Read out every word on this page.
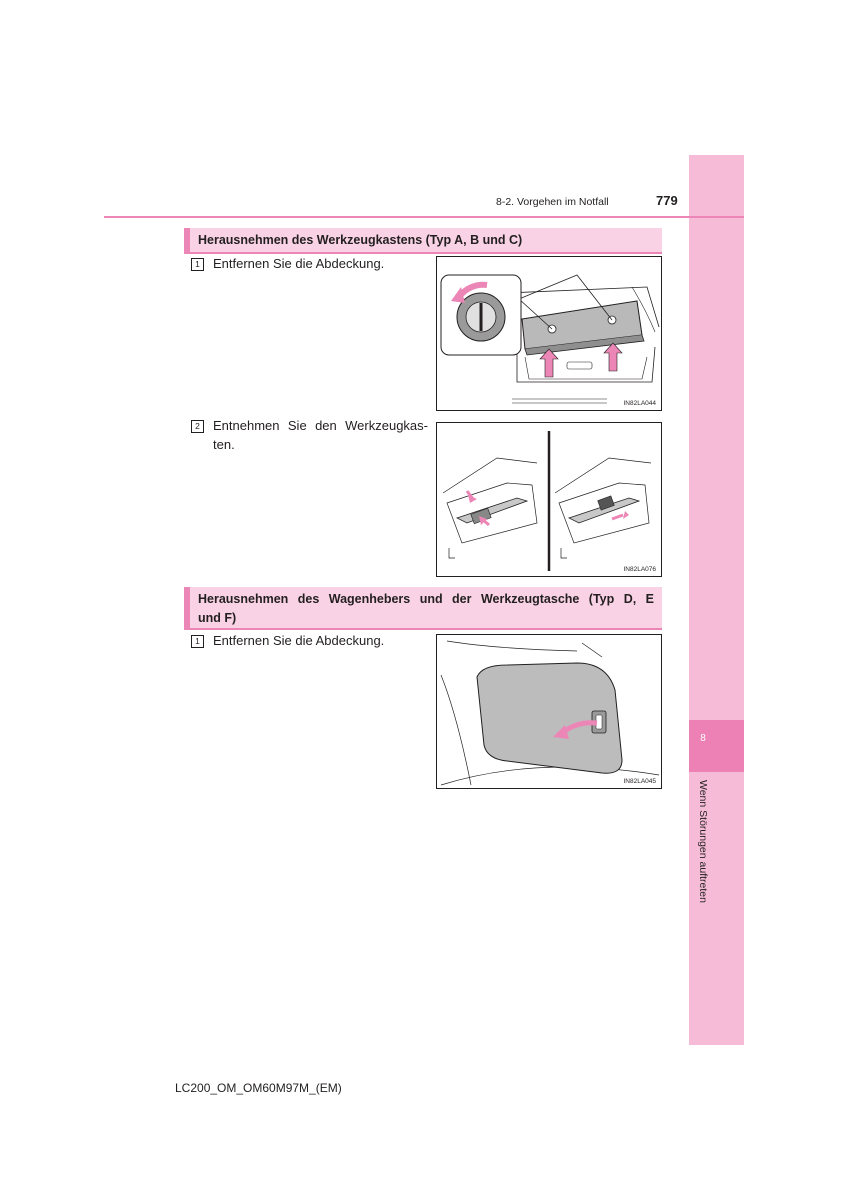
8
Wenn Störungen auftreten
8-2. Vorgehen im Notfall	779
Herausnehmen des Werkzeugkastens (Typ A, B und C)
1 Entfernen Sie die Abdeckung.
IN82LA044
2 Entnehmen Sie den Werkzeugkas-ten.
IN82LA076
Herausnehmen des Wagenhebers und der Werkzeugtasche (Typ D, E
und F)
1 Entfernen Sie die Abdeckung.
IN82LA045
LC200_OM_OM60M97M_(EM)
